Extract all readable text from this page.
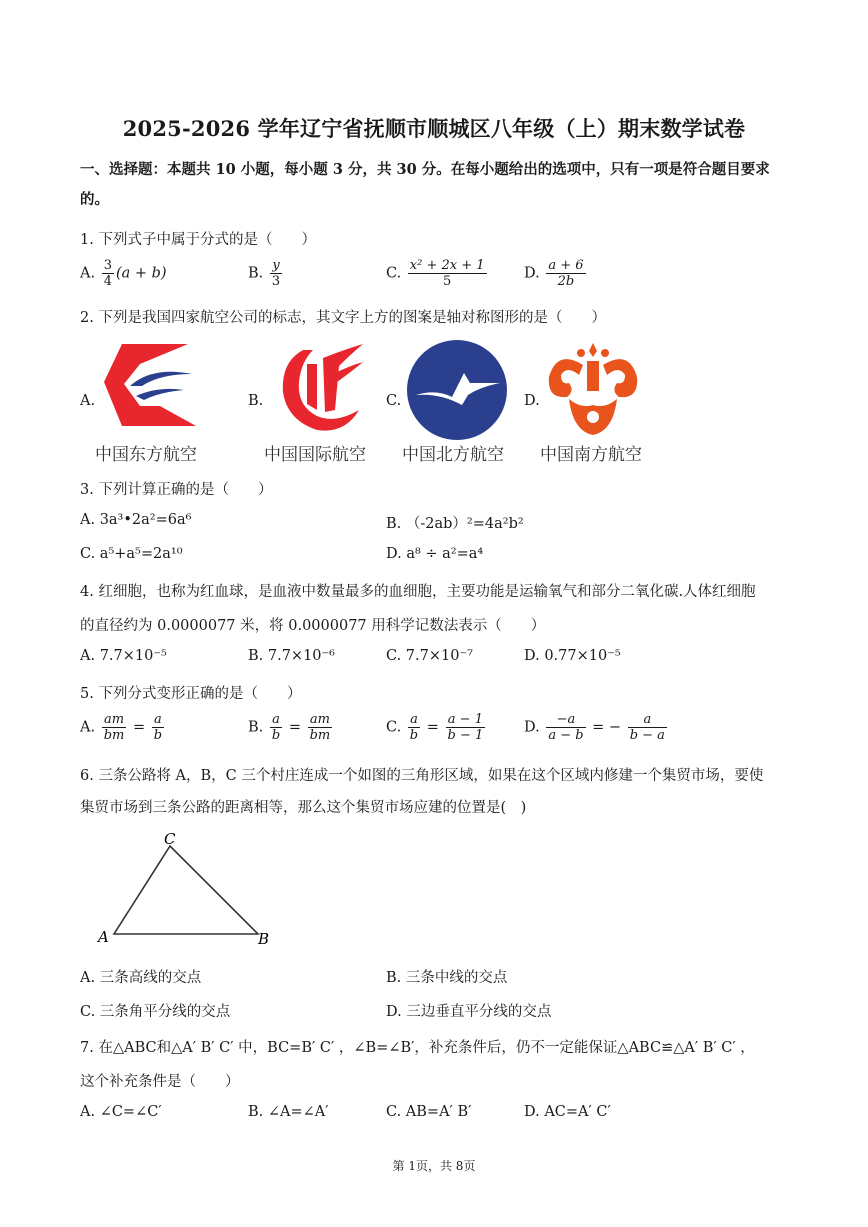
2025-2026 学年辽宁省抚顺市顺城区八年级（上）期末数学试卷
一、选择题：本题共 10 小题，每小题 3 分，共 30 分。在每小题给出的选项中，只有一项是符合题目要求
的。
1. 下列式子中属于分式的是（　　）
A. $\frac{3}{4} (a + b)$	B. $\frac{y}{3}$	C. $\frac{\text{x² + 2x + 1}}{5}$	D. $\frac{a + 6}{2b}$
2. 下列是我国四家航空公司的标志，其文字上方的图案是轴对称图形的是（　　）
A.
中国东方航空
B.
中国国际航空
C.
中国北方航空
D.
中国南方航空
3. 下列计算正确的是（　　）
A. 3a³•2a²=6a⁶	B. （-2ab）²=4a²b²
C. a⁵+a⁵=2a¹⁰	D. a⁸ ÷ a²=a⁴
4. 红细胞，也称为红血球，是血液中数量最多的血细胞，主要功能是运输氧气和部分二氧化碳.人体红细胞
的直径约为 0.0000077 米，将 0.0000077 用科学记数法表示（　　）
A. 7.7×10⁻⁵	B. 7.7×10⁻⁶	C. 7.7×10⁻⁷	D. 0.77×10⁻⁵
5. 下列分式变形正确的是（　　）
A. $\frac{am}{bm} = \frac{a}{b}$	B. $\frac{a}{b} = \frac{am}{bm}$	C. $\frac{a}{b} = \frac{a - 1}{b - 1}$	D. $\frac{-a}{a - b}$ = − $\frac{a}{b - a}$
6. 三条公路将 A，B，C 三个村庄连成一个如图的三角形区域，如果在这个区域内修建一个集贸市场，要使
集贸市场到三条公路的距离相等，那么这个集贸市场应建的位置是(　)
A	B
C
A. 三条高线的交点	B. 三条中线的交点
C. 三条角平分线的交点	D. 三边垂直平分线的交点
7. 在△ABC和△A′ B′ C′ 中，BC=B′ C′ ，∠B=∠B′，补充条件后，仍不一定能保证△ABC≌△A′ B′ C′ ，
这个补充条件是（　　）
A. ∠C=∠C′	B. ∠A=∠A′	C. AB=A′ B′	D. AC=A′ C′
第 1页，共 8页
